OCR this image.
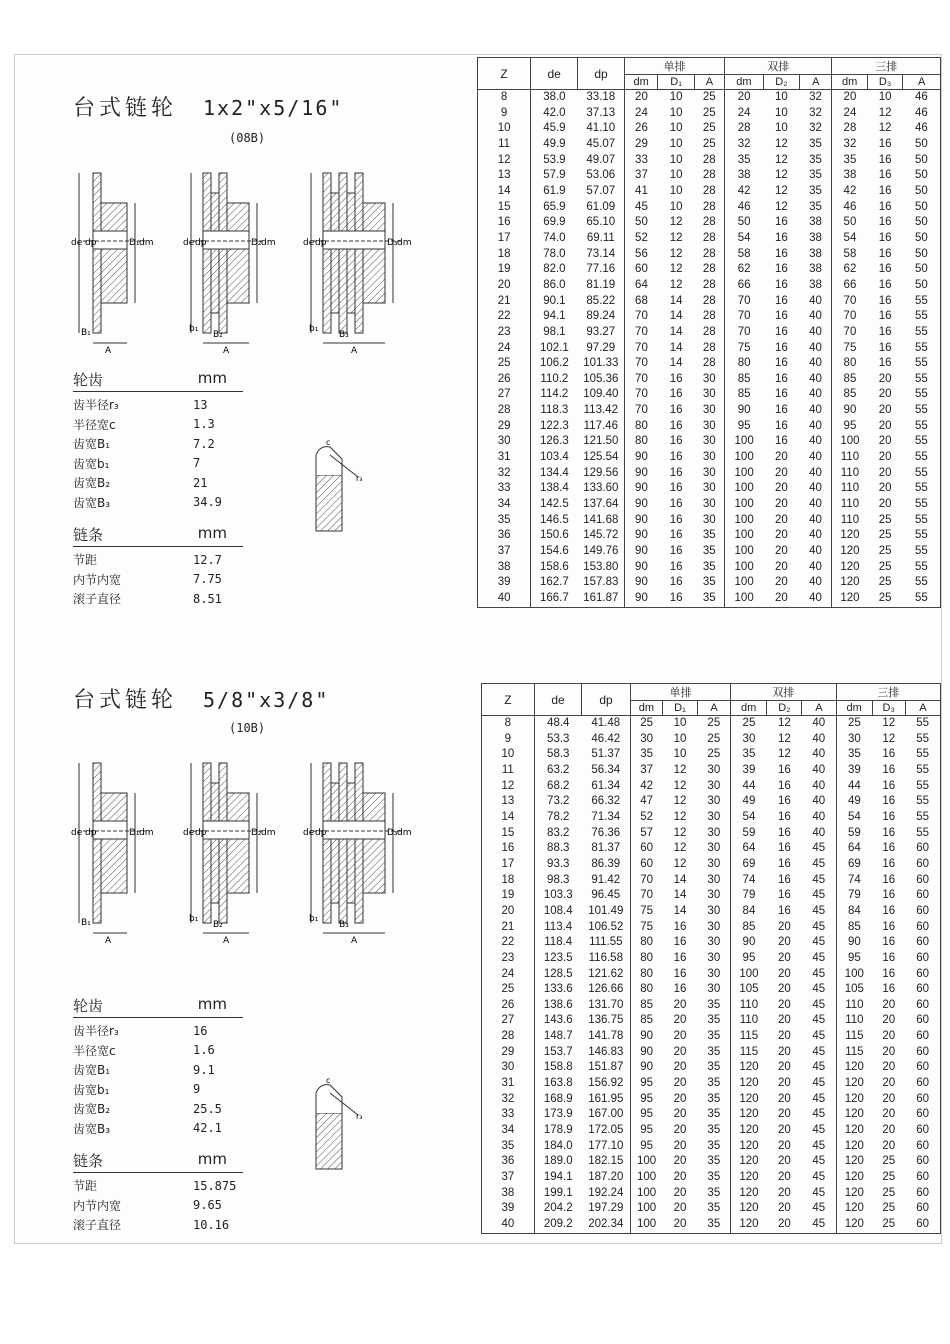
台式链轮 1x2"x5/16"
(08B)
de dp	D₁ dm
A
B₁
de dp	D₂ dm
A
b₁
B₂
de dp	D₃ dm
A
b₁
B₃
轮齿	mm
齿半径r₃	13
半径宽c	1.3
齿宽B₁	7.2
齿宽b₁	7
齿宽B₂	21
齿宽B₃	34.9
链条	mm
节距	12.7
内节内宽	7.75
滚子直径	8.51
c
r₃
Z	de	dp	单排			双排			三排		
			dm	D₁	A	dm	D₂	A	dm	D₃	A
8	38.0	33.18	20	10	25	20	10	32	20	10	46
9	42.0	37.13	24	10	25	24	10	32	24	12	46
10	45.9	41.10	26	10	25	28	10	32	28	12	46
11	49.9	45.07	29	10	25	32	12	35	32	16	50
12	53.9	49.07	33	10	28	35	12	35	35	16	50
13	57.9	53.06	37	10	28	38	12	35	38	16	50
14	61.9	57.07	41	10	28	42	12	35	42	16	50
15	65.9	61.09	45	10	28	46	12	35	46	16	50
16	69.9	65.10	50	12	28	50	16	38	50	16	50
17	74.0	69.11	52	12	28	54	16	38	54	16	50
18	78.0	73.14	56	12	28	58	16	38	58	16	50
19	82.0	77.16	60	12	28	62	16	38	62	16	50
20	86.0	81.19	64	12	28	66	16	38	66	16	50
21	90.1	85.22	68	14	28	70	16	40	70	16	55
22	94.1	89.24	70	14	28	70	16	40	70	16	55
23	98.1	93.27	70	14	28	70	16	40	70	16	55
24	102.1	97.29	70	14	28	75	16	40	75	16	55
25	106.2	101.33	70	14	28	80	16	40	80	16	55
26	110.2	105.36	70	16	30	85	16	40	85	20	55
27	114.2	109.40	70	16	30	85	16	40	85	20	55
28	118.3	113.42	70	16	30	90	16	40	90	20	55
29	122.3	117.46	80	16	30	95	16	40	95	20	55
30	126.3	121.50	80	16	30	100	16	40	100	20	55
31	103.4	125.54	90	16	30	100	20	40	110	20	55
32	134.4	129.56	90	16	30	100	20	40	110	20	55
33	138.4	133.60	90	16	30	100	20	40	110	20	55
34	142.5	137.64	90	16	30	100	20	40	110	20	55
35	146.5	141.68	90	16	30	100	20	40	110	25	55
36	150.6	145.72	90	16	35	100	20	40	120	25	55
37	154.6	149.76	90	16	35	100	20	40	120	25	55
38	158.6	153.80	90	16	35	100	20	40	120	25	55
39	162.7	157.83	90	16	35	100	20	40	120	25	55
40	166.7	161.87	90	16	35	100	20	40	120	25	55
台式链轮 5/8"x3/8"
(10B)
de dp	D₁ dm
A
B₁
de dp	D₂ dm
A
b₁
B₂
de dp	D₃ dm
A
b₁
B₃
轮齿	mm
齿半径r₃	16
半径宽c	1.6
齿宽B₁	9.1
齿宽b₁	9
齿宽B₂	25.5
齿宽B₃	42.1
链条	mm
节距	15.875
内节内宽	9.65
滚子直径	10.16
c
r₃
Z	de	dp	单排			双排			三排		
			dm	D₁	A	dm	D₂	A	dm	D₃	A
8	48.4	41.48	25	10	25	25	12	40	25	12	55
9	53.3	46.42	30	10	25	30	12	40	30	12	55
10	58.3	51.37	35	10	25	35	12	40	35	16	55
11	63.2	56.34	37	12	30	39	16	40	39	16	55
12	68.2	61.34	42	12	30	44	16	40	44	16	55
13	73.2	66.32	47	12	30	49	16	40	49	16	55
14	78.2	71.34	52	12	30	54	16	40	54	16	55
15	83.2	76.36	57	12	30	59	16	40	59	16	55
16	88.3	81.37	60	12	30	64	16	45	64	16	60
17	93.3	86.39	60	12	30	69	16	45	69	16	60
18	98.3	91.42	70	14	30	74	16	45	74	16	60
19	103.3	96.45	70	14	30	79	16	45	79	16	60
20	108.4	101.49	75	14	30	84	16	45	84	16	60
21	113.4	106.52	75	16	30	85	20	45	85	16	60
22	118.4	111.55	80	16	30	90	20	45	90	16	60
23	123.5	116.58	80	16	30	95	20	45	95	16	60
24	128.5	121.62	80	16	30	100	20	45	100	16	60
25	133.6	126.66	80	16	30	105	20	45	105	16	60
26	138.6	131.70	85	20	35	110	20	45	110	20	60
27	143.6	136.75	85	20	35	110	20	45	110	20	60
28	148.7	141.78	90	20	35	115	20	45	115	20	60
29	153.7	146.83	90	20	35	115	20	45	115	20	60
30	158.8	151.87	90	20	35	120	20	45	120	20	60
31	163.8	156.92	95	20	35	120	20	45	120	20	60
32	168.9	161.95	95	20	35	120	20	45	120	20	60
33	173.9	167.00	95	20	35	120	20	45	120	20	60
34	178.9	172.05	95	20	35	120	20	45	120	20	60
35	184.0	177.10	95	20	35	120	20	45	120	20	60
36	189.0	182.15	100	20	35	120	20	45	120	25	60
37	194.1	187.20	100	20	35	120	20	45	120	25	60
38	199.1	192.24	100	20	35	120	20	45	120	25	60
39	204.2	197.29	100	20	35	120	20	45	120	25	60
40	209.2	202.34	100	20	35	120	20	45	120	25	60
